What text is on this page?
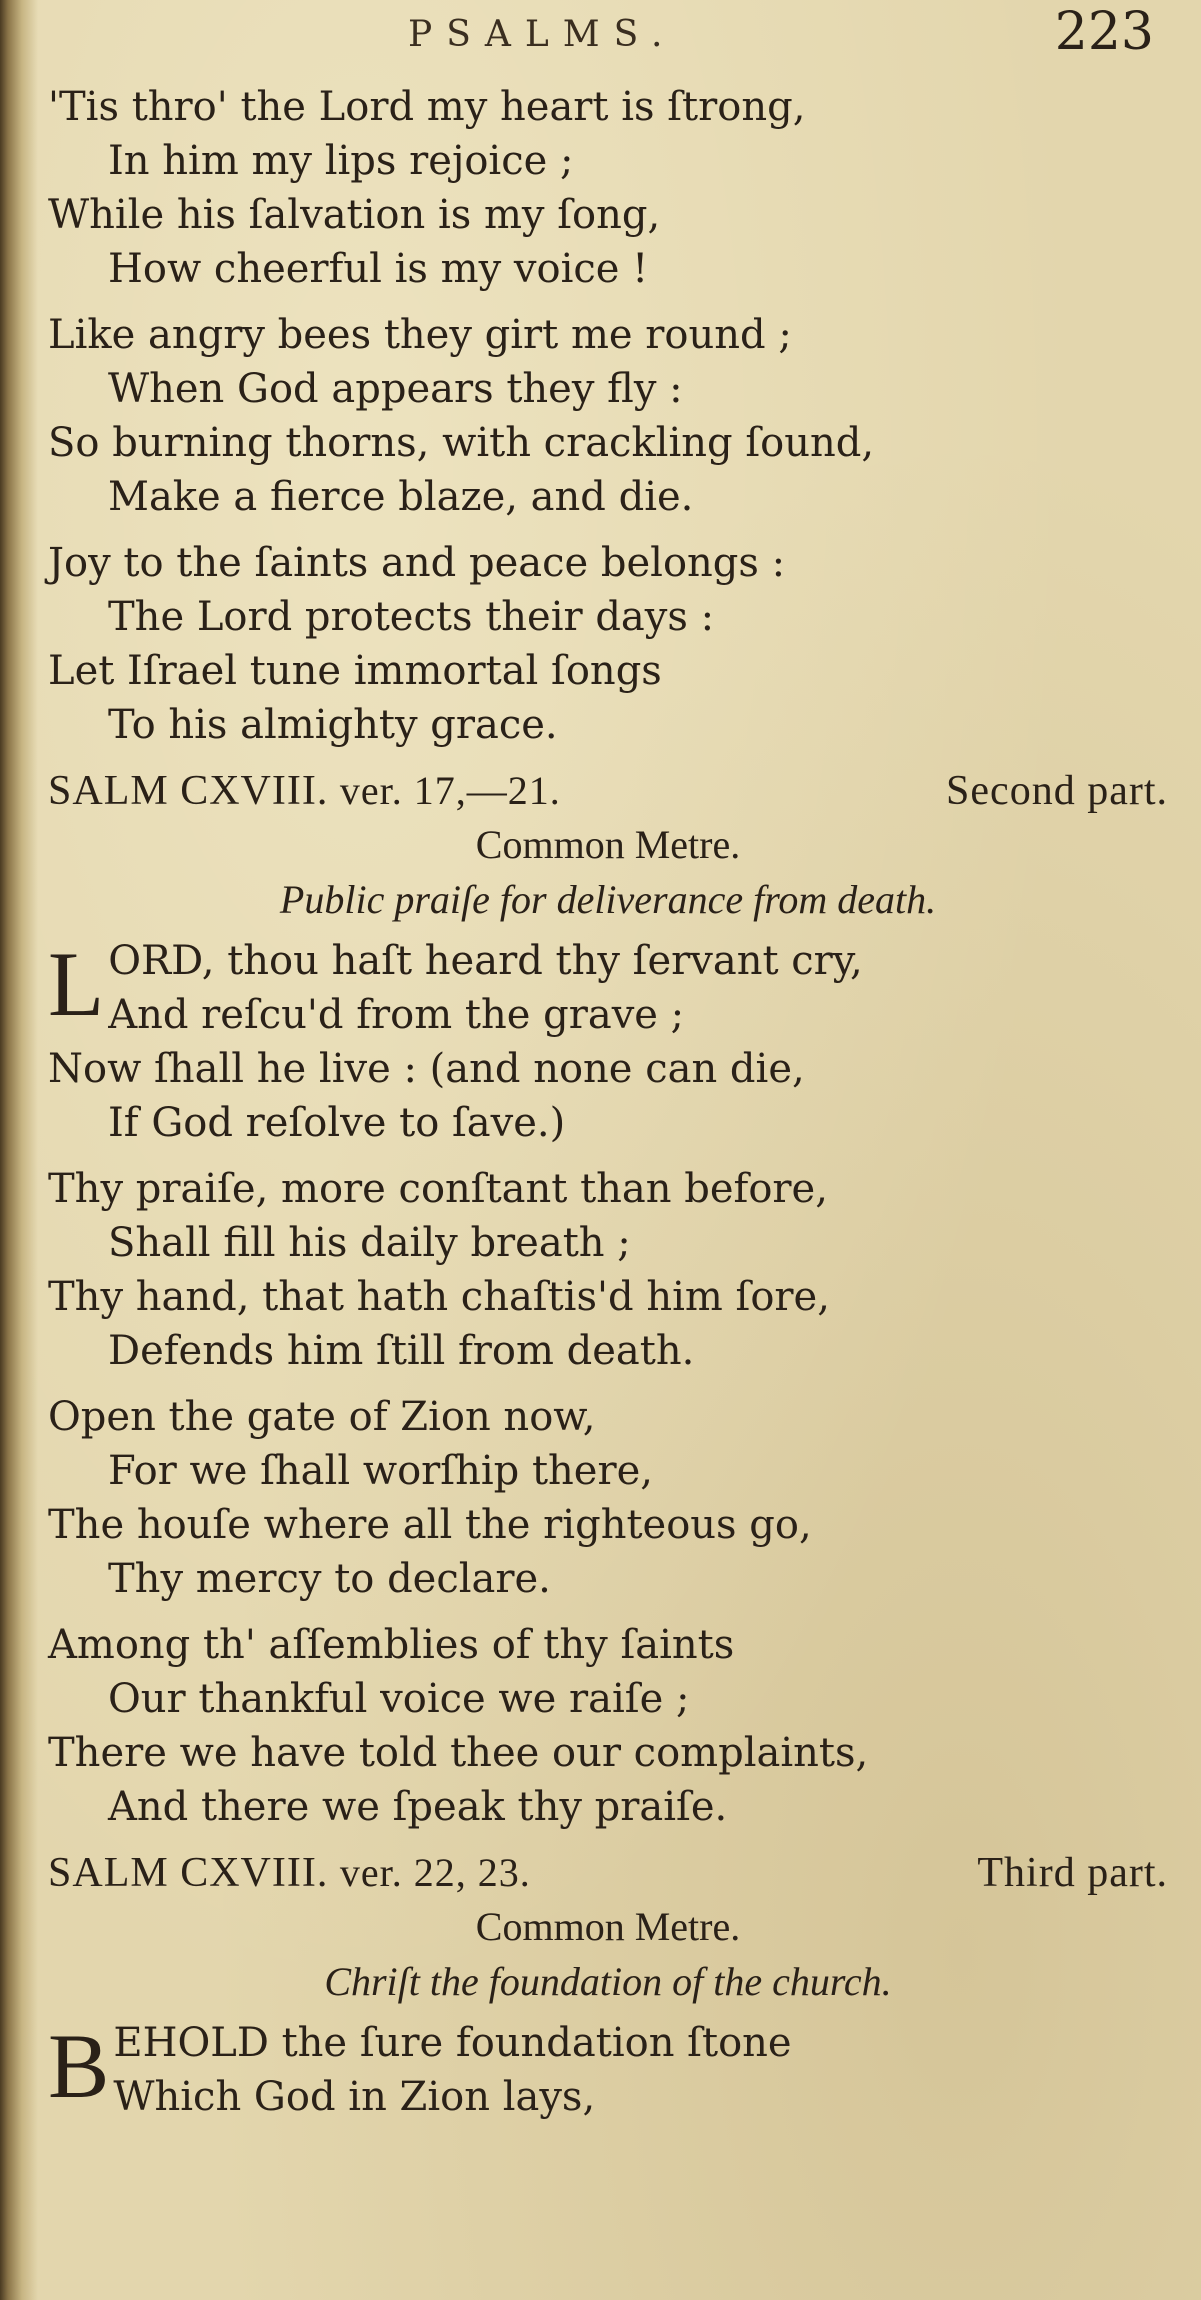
PSALMS.	223
'Tis thro' the Lord my heart is ſtrong,
In him my lips rejoice ;
While his ſalvation is my ſong,
How cheerful is my voice !
Like angry bees they girt me round ;
When God appears they fly :
So burning thorns, with crackling ſound,
Make a fierce blaze, and die.
Joy to the ſaints and peace belongs :
The Lord protects their days :
Let Iſrael tune immortal ſongs
To his almighty grace.
SALM CXVIII. ver. 17,—21.	Second part.
Common Metre.
Public praiſe for deliverance from death.
L ORD, thou haſt heard thy ſervant cry,
And reſcu'd from the grave ;
Now ſhall he live : (and none can die,
If God reſolve to ſave.)
Thy praiſe, more conſtant than before,
Shall fill his daily breath ;
Thy hand, that hath chaſtis'd him ſore,
Defends him ſtill from death.
Open the gate of Zion now,
For we ſhall worſhip there,
The houſe where all the righteous go,
Thy mercy to declare.
Among th' aſſemblies of thy ſaints
Our thankful voice we raiſe ;
There we have told thee our complaints,
And there we ſpeak thy praiſe.
SALM CXVIII. ver. 22, 23.	Third part.
Common Metre.
Chriſt the foundation of the church.
B EHOLD the ſure foundation ſtone
Which God in Zion lays,
